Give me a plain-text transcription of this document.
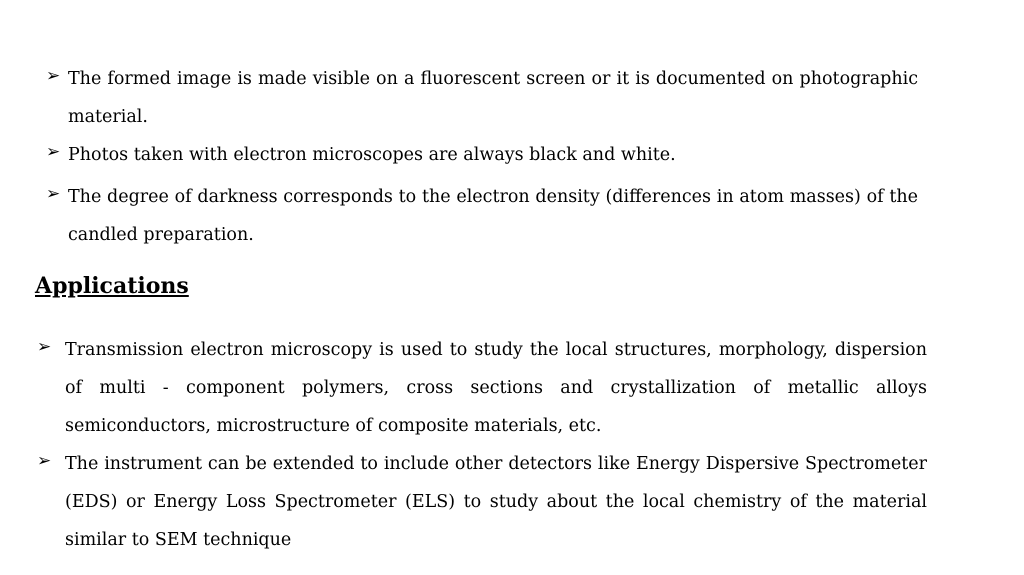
➢ The formed image is made visible on a fluorescent screen or it is documented on photographic material.
➢ Photos taken with electron microscopes are always black and white.
➢ The degree of darkness corresponds to the electron density (differences in atom masses) of the candled preparation.
Applications
➢ Transmission electron microscopy is used to study the local structures, morphology, dispersion of multi - component polymers, cross sections and crystallization of metallic alloys semiconductors, microstructure of composite materials, etc.
➢ The instrument can be extended to include other detectors like Energy Dispersive Spectrometer (EDS) or Energy Loss Spectrometer (ELS) to study about the local chemistry of the material similar to SEM technique
